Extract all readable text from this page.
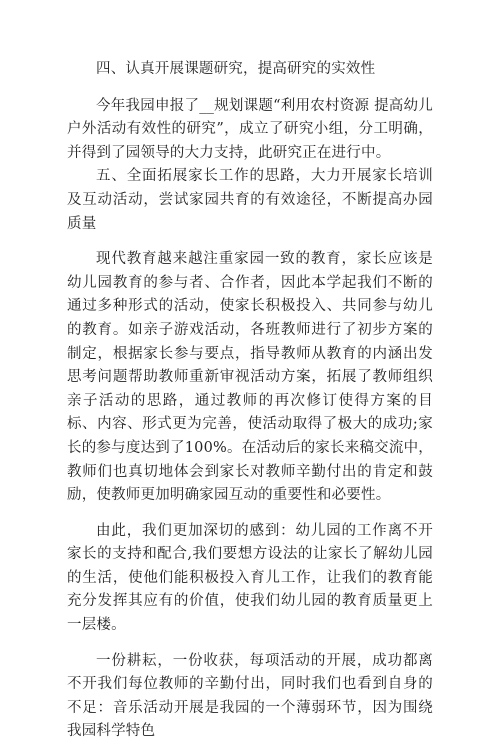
四、认真开展课题研究，提高研究的实效性

今年我园申报了__规划课题“利用农村资源 提高幼儿户外活动有效性的研究”，成立了研究小组，分工明确，并得到了园领导的大力支持，此研究正在进行中。

五、全面拓展家长工作的思路，大力开展家长培训及互动活动，尝试家园共育的有效途径，不断提高办园质量

现代教育越来越注重家园一致的教育，家长应该是幼儿园教育的参与者、合作者，因此本学起我们不断的通过多种形式的活动，使家长积极投入、共同参与幼儿的教育。如亲子游戏活动，各班教师进行了初步方案的制定，根据家长参与要点，指导教师从教育的内涵出发思考问题帮助教师重新审视活动方案，拓展了教师组织亲子活动的思路，通过教师的再次修订使得方案的目标、内容、形式更为完善，使活动取得了极大的成功;家长的参与度达到了100%。在活动后的家长来稿交流中，教师们也真切地体会到家长对教师辛勤付出的肯定和鼓励，使教师更加明确家园互动的重要性和必要性。

由此，我们更加深切的感到：幼儿园的工作离不开家长的支持和配合,我们要想方设法的让家长了解幼儿园的生活，使他们能积极投入育儿工作，让我们的教育能充分发挥其应有的价值，使我们幼儿园的教育质量更上一层楼。

一份耕耘，一份收获，每项活动的开展，成功都离不开我们每位教师的辛勤付出，同时我们也看到自身的不足：音乐活动开展是我园的一个薄弱环节，因为围绕我园科学特色
